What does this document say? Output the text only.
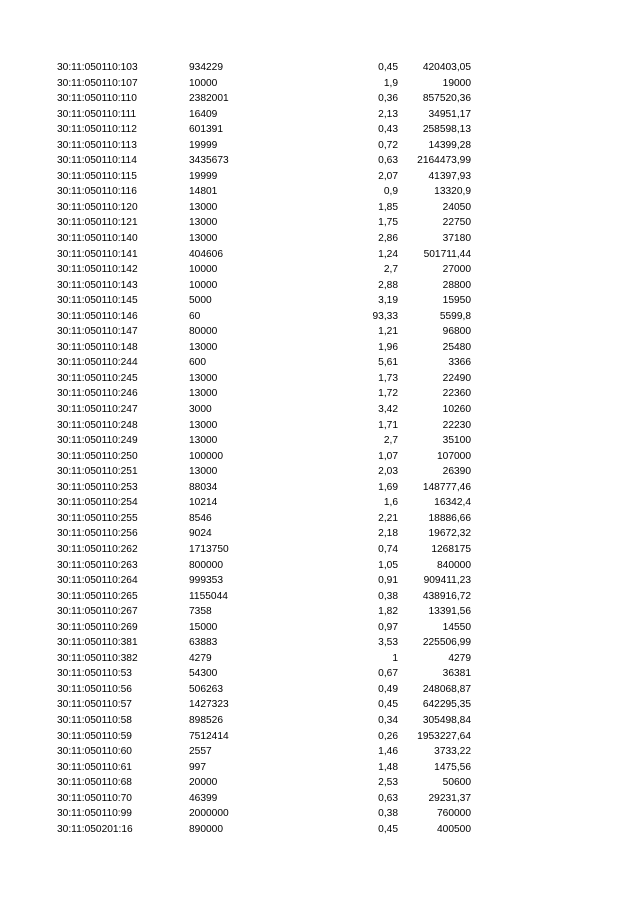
30:11:050110:103	934229	0,45	420403,05
30:11:050110:107	10000	1,9	19000
30:11:050110:110	2382001	0,36	857520,36
30:11:050110:111	16409	2,13	34951,17
30:11:050110:112	601391	0,43	258598,13
30:11:050110:113	19999	0,72	14399,28
30:11:050110:114	3435673	0,63	2164473,99
30:11:050110:115	19999	2,07	41397,93
30:11:050110:116	14801	0,9	13320,9
30:11:050110:120	13000	1,85	24050
30:11:050110:121	13000	1,75	22750
30:11:050110:140	13000	2,86	37180
30:11:050110:141	404606	1,24	501711,44
30:11:050110:142	10000	2,7	27000
30:11:050110:143	10000	2,88	28800
30:11:050110:145	5000	3,19	15950
30:11:050110:146	60	93,33	5599,8
30:11:050110:147	80000	1,21	96800
30:11:050110:148	13000	1,96	25480
30:11:050110:244	600	5,61	3366
30:11:050110:245	13000	1,73	22490
30:11:050110:246	13000	1,72	22360
30:11:050110:247	3000	3,42	10260
30:11:050110:248	13000	1,71	22230
30:11:050110:249	13000	2,7	35100
30:11:050110:250	100000	1,07	107000
30:11:050110:251	13000	2,03	26390
30:11:050110:253	88034	1,69	148777,46
30:11:050110:254	10214	1,6	16342,4
30:11:050110:255	8546	2,21	18886,66
30:11:050110:256	9024	2,18	19672,32
30:11:050110:262	1713750	0,74	1268175
30:11:050110:263	800000	1,05	840000
30:11:050110:264	999353	0,91	909411,23
30:11:050110:265	1155044	0,38	438916,72
30:11:050110:267	7358	1,82	13391,56
30:11:050110:269	15000	0,97	14550
30:11:050110:381	63883	3,53	225506,99
30:11:050110:382	4279	1	4279
30:11:050110:53	54300	0,67	36381
30:11:050110:56	506263	0,49	248068,87
30:11:050110:57	1427323	0,45	642295,35
30:11:050110:58	898526	0,34	305498,84
30:11:050110:59	7512414	0,26	1953227,64
30:11:050110:60	2557	1,46	3733,22
30:11:050110:61	997	1,48	1475,56
30:11:050110:68	20000	2,53	50600
30:11:050110:70	46399	0,63	29231,37
30:11:050110:99	2000000	0,38	760000
30:11:050201:16	890000	0,45	400500
